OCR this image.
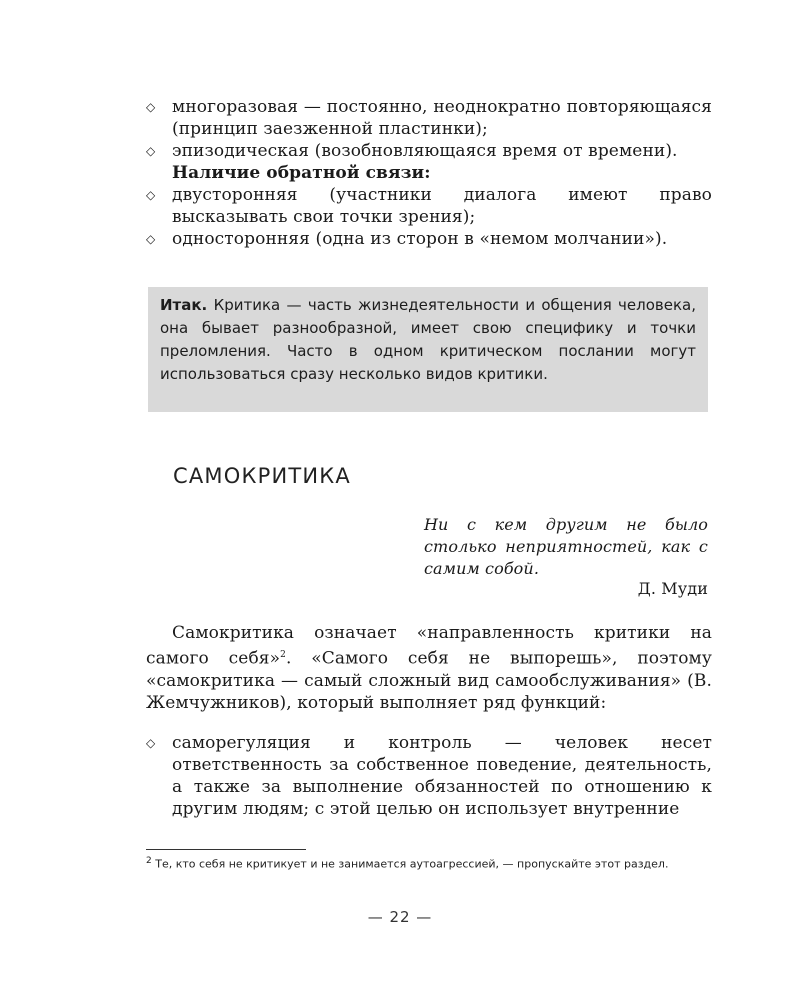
◇ многоразовая — постоянно, неоднократно повторяющаяся (принцип заезженной пластинки);
◇ эпизодическая (возобновляющаяся время от времени).
Наличие обратной связи:
◇ двусторонняя (участники диалога имеют право высказывать свои точки зрения);
◇ односторонняя (одна из сторон в «немом молчании»).
Итак. Критика — часть жизнедеятельности и общения человека, она бывает разнообразной, имеет свою специфику и точки преломления. Часто в одном критическом послании могут использоваться сразу несколько видов критики.
САМОКРИТИКА
Ни с кем другим не было столько неприятностей, как с самим собой.
Д. Муди

Самокритика означает «направленность критики на самого себя»$^2$. «Самого себя не выпорешь», поэтому «самокритика — самый сложный вид самообслуживания» (В. Жемчужников), который выполняет ряд функций:

◇ саморегуляция и контроль — человек несет ответственность за собственное поведение, деятельность, а также за выполнение обязанностей по отношению к другим людям; с этой целью он использует внутренние
$^2$ Те, кто себя не критикует и не занимается аутоагрессией, — пропускайте этот раздел.
— 22 —
